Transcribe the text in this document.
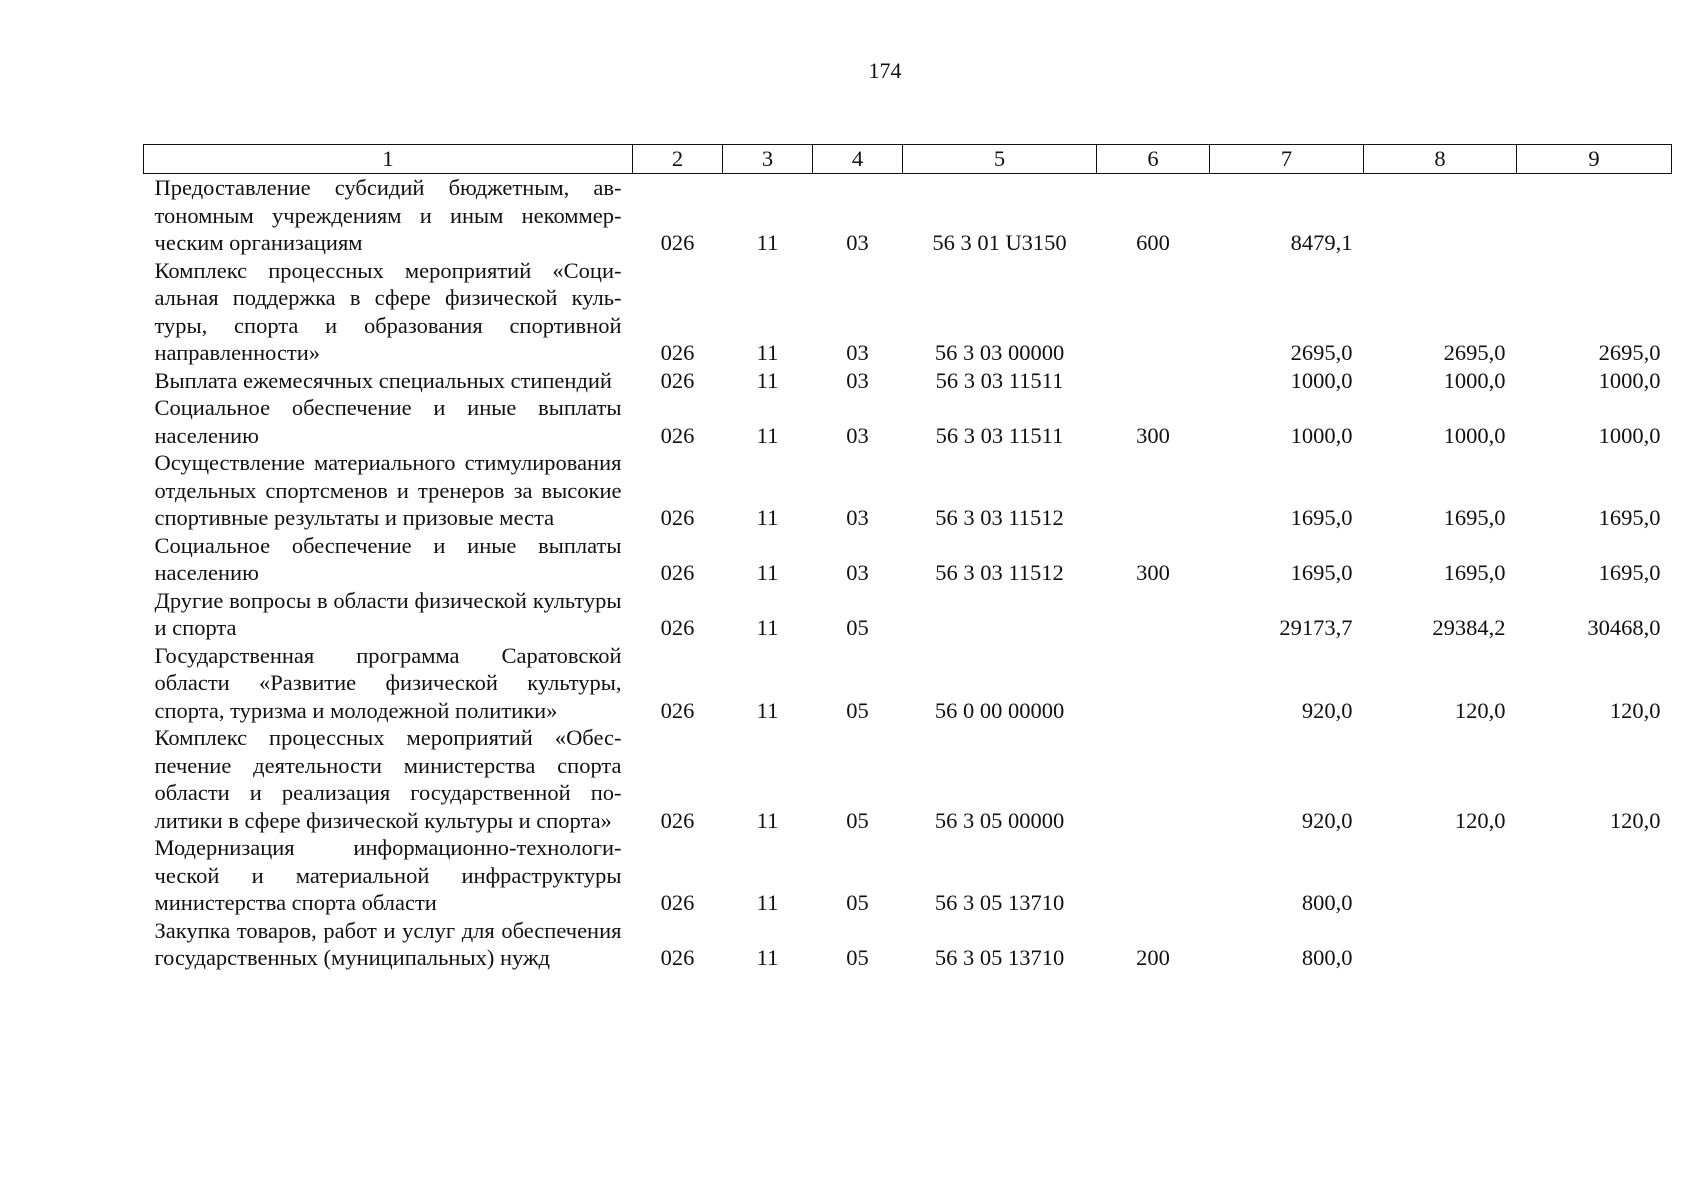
174
1	2	3	4	5	6	7	8	9
Предоставление субсидий бюджетным, автономным учреждениям и иным некоммерческим организациям	026	11	03	56 3 01 U3150	600	8479,1		
Комплекс процессных мероприятий «Социальная поддержка в сфере физической культуры, спорта и образования спортивной направленности»	026	11	03	56 3 03 00000		2695,0	2695,0	2695,0
Выплата ежемесячных специальных стипендий	026	11	03	56 3 03 11511		1000,0	1000,0	1000,0
Социальное обеспечение и иные выплаты населению	026	11	03	56 3 03 11511	300	1000,0	1000,0	1000,0
Осуществление материального стимулирования отдельных спортсменов и тренеров за высокие спортивные результаты и призовые места	026	11	03	56 3 03 11512		1695,0	1695,0	1695,0
Социальное обеспечение и иные выплаты населению	026	11	03	56 3 03 11512	300	1695,0	1695,0	1695,0
Другие вопросы в области физической культуры и спорта	026	11	05			29173,7	29384,2	30468,0
Государственная программа Саратовской области «Развитие физической культуры, спорта, туризма и молодежной политики»	026	11	05	56 0 00 00000		920,0	120,0	120,0
Комплекс процессных мероприятий «Обеспечение деятельности министерства спорта области и реализация государственной политики в сфере физической культуры и спорта»	026	11	05	56 3 05 00000		920,0	120,0	120,0
Модернизация информационно-технологической и материальной инфраструктуры министерства спорта области	026	11	05	56 3 05 13710		800,0		
Закупка товаров, работ и услуг для обеспечения государственных (муниципальных) нужд	026	11	05	56 3 05 13710	200	800,0		
